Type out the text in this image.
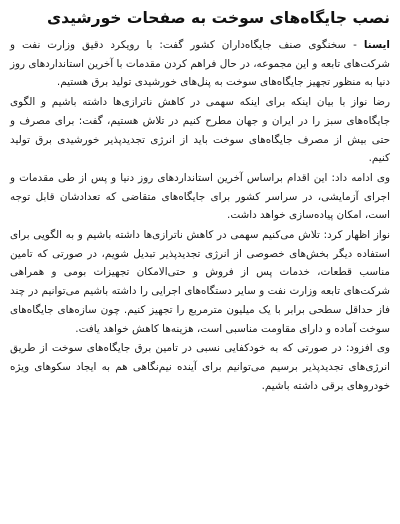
نصب جایگاه‌های سوخت به صفحات خورشیدی

ایسنا - سخنگوی صنف جایگاه‌داران کشور گفت: با رویکرد دقیق وزارت نفت و شرکت‌های تابعه و این مجموعه، در حال فراهم کردن مقدمات با آخرین استانداردهای روز دنیا به منظور تجهیز جایگاه‌های سوخت به پنل‌های خورشیدی تولید برق هستیم.

رضا نواز با بیان اینکه برای اینکه سهمی در کاهش ناترازی‌ها داشته باشیم و الگوی جایگاه‌های سبز را در ایران و جهان مطرح کنیم در تلاش هستیم، گفت: برای مصرف و حتی بیش از مصرف جایگاه‌های سوخت باید از انرژی تجدیدپذیر خورشیدی برق تولید کنیم.

وی ادامه داد: این اقدام براساس آخرین استانداردهای روز دنیا و پس از طی مقدمات و اجرای آزمایشی، در سراسر کشور برای جایگاه‌های متقاضی که تعدادشان قابل توجه است، امکان پیاده‌سازی خواهد داشت.

نواز اظهار کرد: تلاش می‌کنیم سهمی در کاهش ناترازی‌ها داشته باشیم و به الگویی برای استفاده دیگر بخش‌های خصوصی از انرژی تجدیدپذیر تبدیل شویم، در صورتی که تامین مناسب قطعات، خدمات پس از فروش و حتی‌الامکان تجهیزات بومی و همراهی شرکت‌های تابعه وزارت نفت و سایر دستگاه‌های اجرایی را داشته باشیم می‌توانیم در چند فاز حداقل سطحی برابر با یک میلیون مترمربع را تجهیز کنیم. چون سازه‌های جایگاه‌های سوخت آماده و دارای مقاومت مناسبی است، هزینه‌ها کاهش خواهد یافت.

وی افزود: در صورتی که به خودکفایی نسبی در تامین برق جایگاه‌های سوخت از طریق انرژی‌های تجدیدپذیر برسیم می‌توانیم برای آینده نیم‌نگاهی هم به ایجاد سکوهای ویژه خودروهای برقی داشته باشیم.
